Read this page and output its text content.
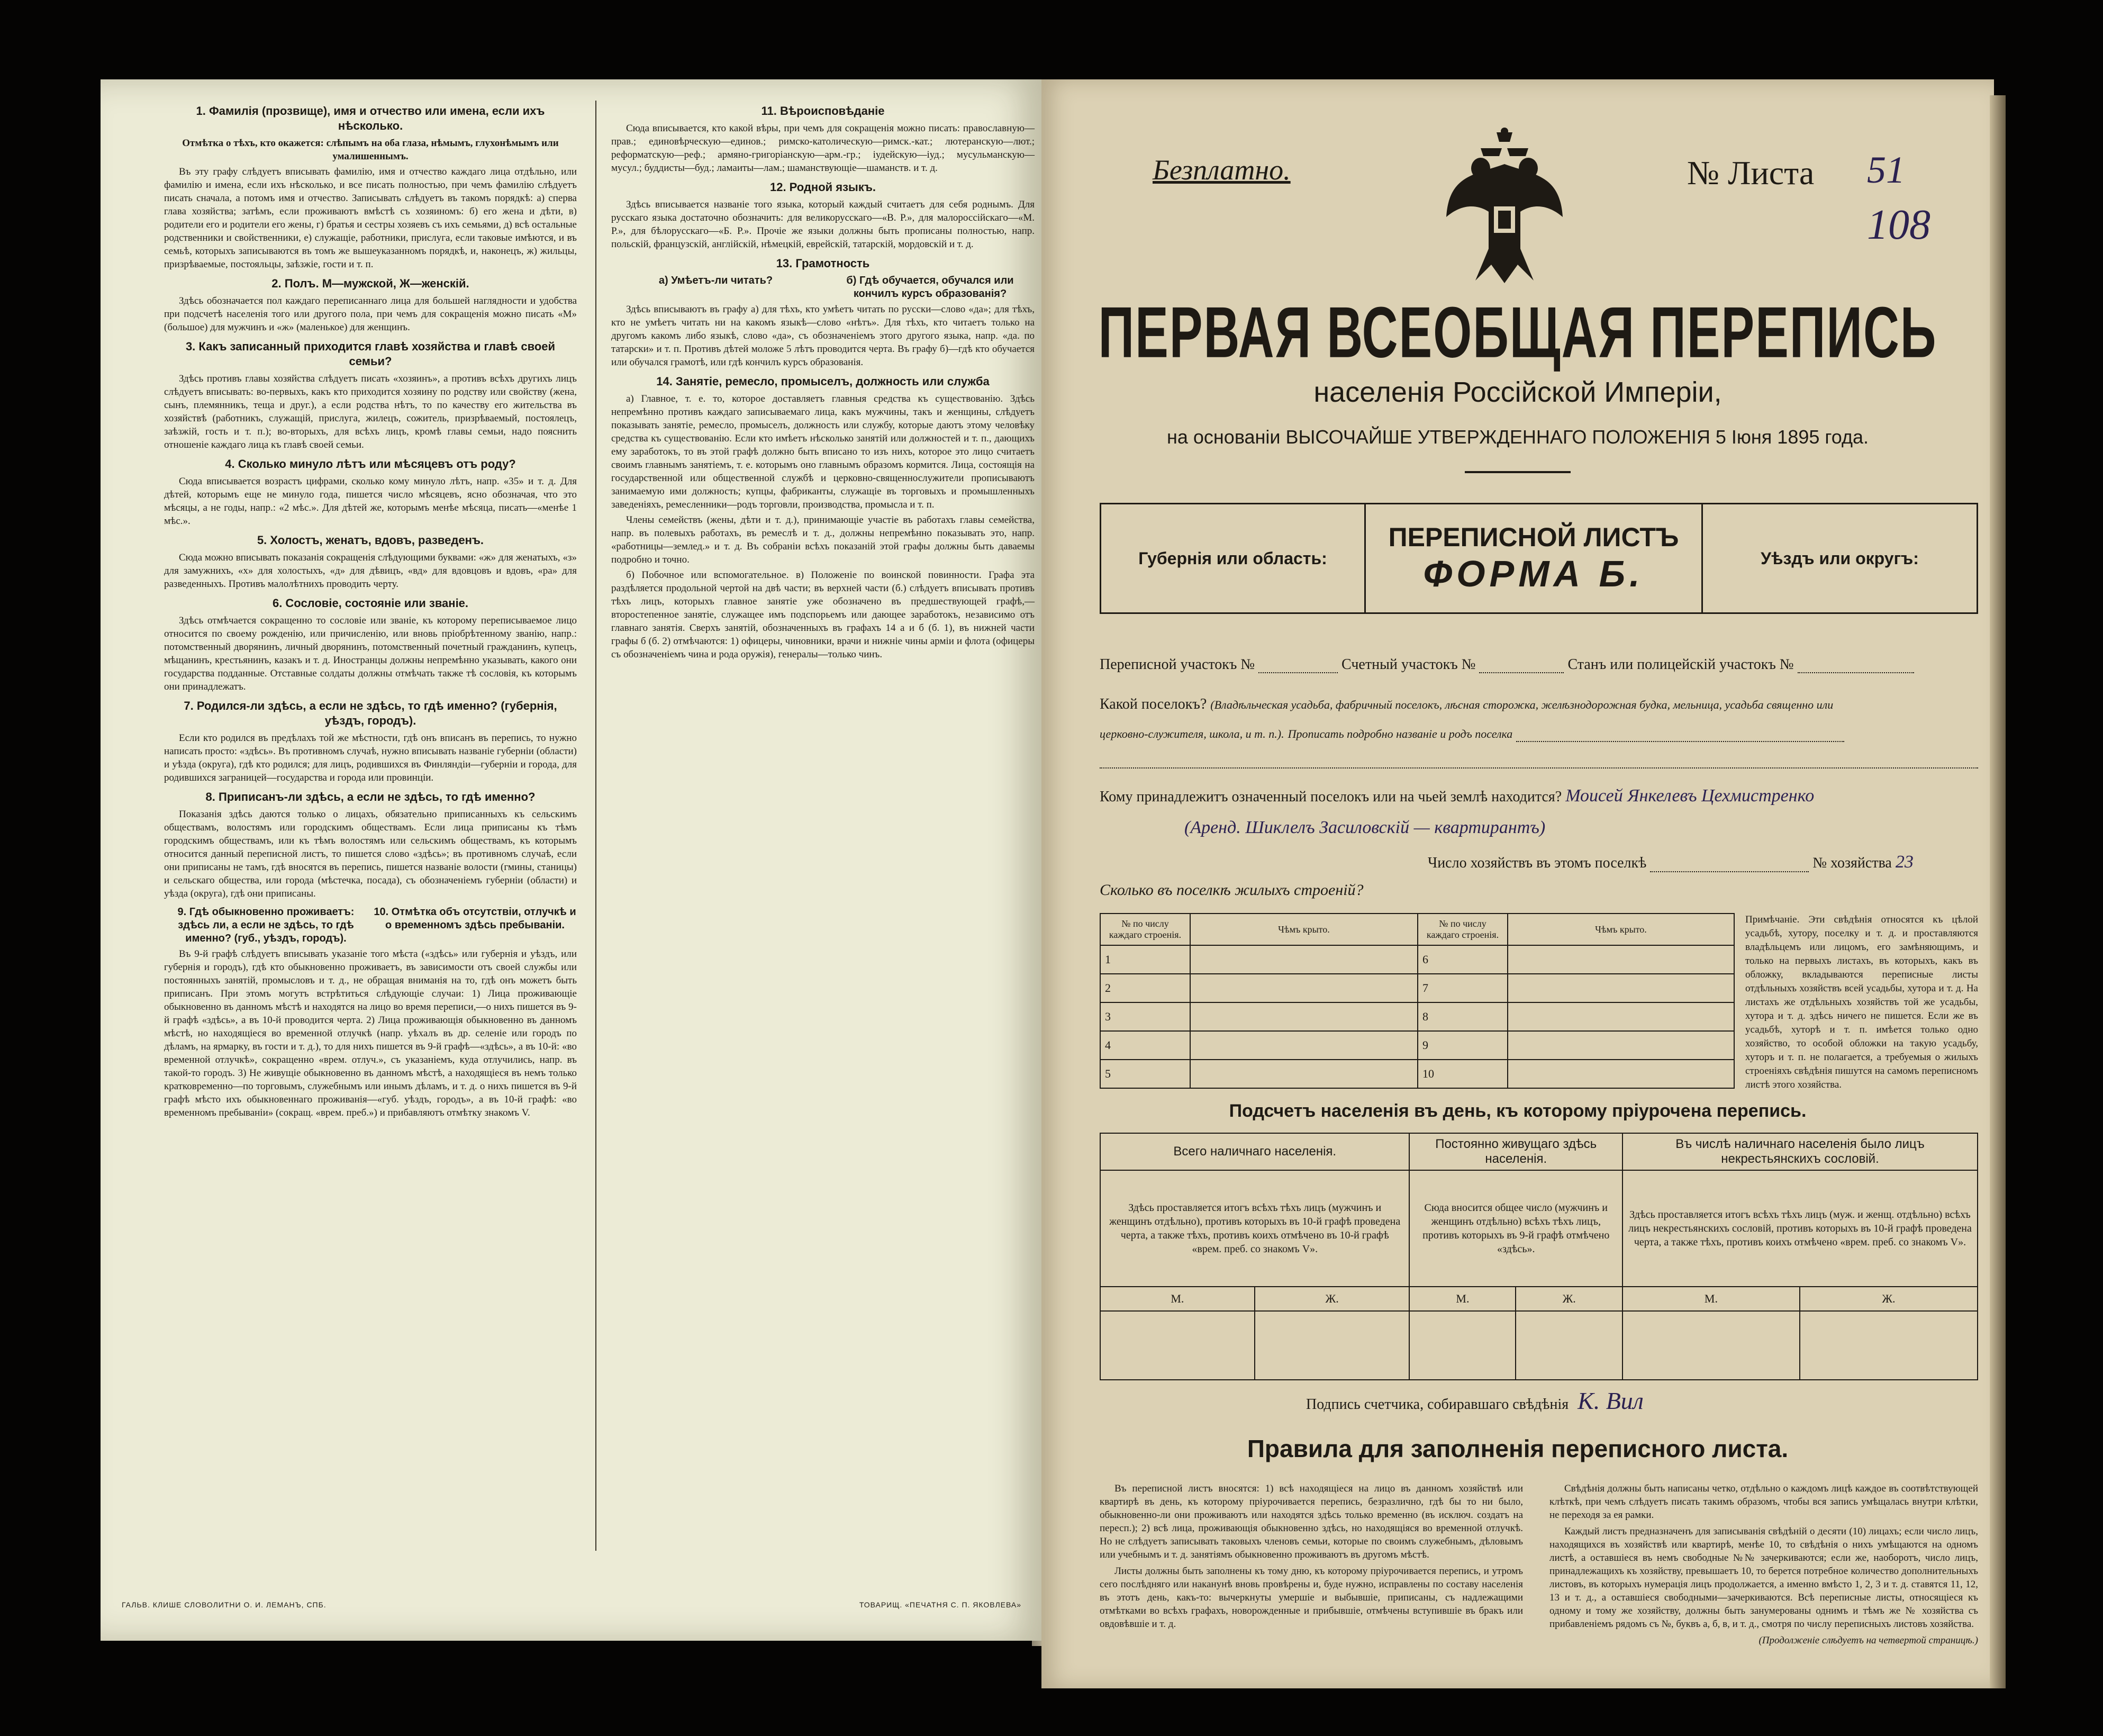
1. Фамилія (прозвище), имя и отчество или имена, если ихъ нѣсколько.
Отмѣтка о тѣхъ, кто окажется: слѣпымъ на оба глаза, нѣмымъ, глухонѣмымъ или умалишеннымъ.

Въ эту графу слѣдуетъ вписывать фамилію, имя и отчество каждаго лица отдѣльно, или фамилію и имена, если ихъ нѣсколько, и все писать полностью, при чемъ фамилію слѣдуетъ писать сначала, а потомъ имя и отчество. Записывать слѣдуетъ въ такомъ порядкѣ: а) сперва глава хозяйства; затѣмъ, если проживаютъ вмѣстѣ съ хозяиномъ: б) его жена и дѣти, в) родители его и родители его жены, г) братья и сестры хозяевъ съ ихъ семьями, д) всѣ остальные родственники и свойственники, е) служащіе, работники, прислуга, если таковые имѣются, и въ семьѣ, которыхъ записываются въ томъ же вышеуказанномъ порядкѣ, и, наконецъ, ж) жильцы, призрѣваемые, постояльцы, заѣзжіе, гости и т. п.

2. Полъ. М—мужской, Ж—женскій.

Здѣсь обозначается пол каждаго переписаннаго лица для большей наглядности и удобства при подсчетѣ населенія того или другого пола, при чемъ для сокращенія можно писать «М» (большое) для мужчинъ и «ж» (маленькое) для женщинъ.

3. Какъ записанный приходится главѣ хозяйства и главѣ своей семьи?

Здѣсь противъ главы хозяйства слѣдуетъ писать «хозяинъ», а противъ всѣхъ другихъ лицъ слѣдуетъ вписывать: во-первыхъ, какъ кто приходится хозяину по родству или свойству (жена, сынъ, племянникъ, теща и друг.), а если родства нѣтъ, то по качеству его жительства въ хозяйствѣ (работникъ, служащій, прислуга, жилецъ, сожитель, призрѣваемый, постоялецъ, заѣзжій, гость и т. п.); во-вторыхъ, для всѣхъ лицъ, кромѣ главы семьи, надо пояснить отношеніе каждаго лица къ главѣ своей семьи.

4. Сколько минуло лѣтъ или мѣсяцевъ отъ роду?

Сюда вписывается возрастъ цифрами, сколько кому минуло лѣтъ, напр. «35» и т. д. Для дѣтей, которымъ еще не минуло года, пишется число мѣсяцевъ, ясно обозначая, что это мѣсяцы, а не годы, напр.: «2 мѣс.». Для дѣтей же, которымъ менѣе мѣсяца, писать—«менѣе 1 мѣс.».

5. Холостъ, женатъ, вдовъ, разведенъ.

Сюда можно вписывать показанія сокращенія слѣдующими буквами: «ж» для женатыхъ, «з» для замужнихъ, «х» для холостыхъ, «д» для дѣвицъ, «вд» для вдовцовъ и вдовъ, «ра» для разведенныхъ. Противъ малолѣтнихъ проводить черту.

6. Сословіе, состояніе или званіе.

Здѣсь отмѣчается сокращенно то сословіе или званіе, къ которому переписываемое лицо относится по своему рожденію, или причисленію, или вновь пріобрѣтенному званію, напр.: потомственный дворянинъ, личный дворянинъ, потомственный почетный гражданинъ, купецъ, мѣщанинъ, крестьянинъ, казакъ и т. д. Иностранцы должны непремѣнно указывать, какого они государства подданные. Отставные солдаты должны отмѣчать также тѣ сословія, къ которымъ они принадлежатъ.

7. Родился-ли здѣсь, а если не здѣсь, то гдѣ именно? (губернія, уѣздъ, городъ).

Если кто родился въ предѣлахъ той же мѣстности, гдѣ онъ вписанъ въ перепись, то нужно написать просто: «здѣсь». Въ противномъ случаѣ, нужно вписывать названіе губерніи (области) и уѣзда (округа), гдѣ кто родился; для лицъ, родившихся въ Финляндіи—губерніи и города, для родившихся заграницей—государства и города или провинціи.

8. Приписанъ-ли здѣсь, а если не здѣсь, то гдѣ именно?

Показанія здѣсь даются только о лицахъ, обязательно приписанныхъ къ сельскимъ обществамъ, волостямъ или городскимъ обществамъ. Если лица приписаны къ тѣмъ городскимъ обществамъ, или къ тѣмъ волостямъ или сельскимъ обществамъ, къ которымъ относится данный переписной листъ, то пишется слово «здѣсь»; въ противномъ случаѣ, если они приписаны не тамъ, гдѣ вносятся въ перепись, пишется названіе волости (гмины, станицы) и сельскаго общества, или города (мѣстечка, посада), съ обозначеніемъ губерніи (области) и уѣзда (округа), гдѣ они приписаны.

9. Гдѣ обыкновенно проживаетъ: здѣсь ли, а если не здѣсь, то гдѣ именно? (губ., уѣздъ, городъ).
10. Отмѣтка объ отсутствіи, отлучкѣ и о временномъ здѣсь пребываніи.

Въ 9-й графѣ слѣдуетъ вписывать указаніе того мѣста («здѣсь» или губернія и уѣздъ, или губернія и городъ), гдѣ кто обыкновенно проживаетъ, въ зависимости отъ своей службы или постоянныхъ занятій, промысловъ и т. д., не обращая вниманія на то, гдѣ онъ можетъ быть приписанъ. При этомъ могутъ встрѣтиться слѣдующіе случаи: 1) Лица проживающіе обыкновенно въ данномъ мѣстѣ и находятся на лицо во время переписи,—о нихъ пишется въ 9-й графѣ «здѣсь», а въ 10-й проводится черта. 2) Лица проживающія обыкновенно въ данномъ мѣстѣ, но находящіеся во временной отлучкѣ (напр. уѣхалъ въ др. селеніе или городъ по дѣламъ, на ярмарку, въ гости и т. д.), то для нихъ пишется въ 9-й графѣ—«здѣсь», а въ 10-й: «во временной отлучкѣ», сокращенно «врем. отлуч.», съ указаніемъ, куда отлучились, напр. въ такой-то городъ. 3) Не живущіе обыкновенно въ данномъ мѣстѣ, а находящіеся въ немъ только кратковременно—по торговымъ, служебнымъ или инымъ дѣламъ, и т. д. о нихъ пишется въ 9-й графѣ мѣсто ихъ обыкновеннаго проживанія—«губ. уѣздъ, городъ», а въ 10-й графѣ: «во временномъ пребываніи» (сокращ. «врем. преб.») и прибавляютъ отмѣтку знакомъ V.

11. Вѣроисповѣданіе

Сюда вписывается, кто какой вѣры, при чемъ для сокращенія можно писать: православную—прав.; единовѣрческую—единов.; римско-католическую—римск.-кат.; лютеранскую—лют.; реформатскую—реф.; армяно-григоріанскую—арм.-гр.; іудейскую—іуд.; мусульманскую—мусул.; буддисты—буд.; ламаиты—лам.; шаманствующіе—шаманств. и т. д.

12. Родной языкъ.

Здѣсь вписывается названіе того языка, который каждый считаетъ для себя роднымъ. Для русскаго языка достаточно обозначить: для великорусскаго—«В. Р.», для малороссійскаго—«М. Р.», для бѣлорусскаго—«Б. Р.». Прочіе же языки должны быть прописаны полностью, напр. польскій, французскій, англійскій, нѣмецкій, еврейскій, татарскій, мордовскій и т. д.

13. Грамотность
а) Умѣетъ-ли читать?	б) Гдѣ обучается, обучался или кончилъ курсъ образованія?

Здѣсь вписываютъ въ графу а) для тѣхъ, кто умѣетъ читать по русски—слово «да»; для тѣхъ, кто не умѣетъ читать ни на какомъ языкѣ—слово «нѣтъ». Для тѣхъ, кто читаетъ только на другомъ какомъ либо языкѣ, слово «да», съ обозначеніемъ этого другого языка, напр. «да. по татарски» и т. п. Противъ дѣтей моложе 5 лѣтъ проводится черта. Въ графу б)—гдѣ кто обучается или обучался грамотѣ, или гдѣ кончилъ курсъ образованія.

14. Занятіе, ремесло, промыселъ, должность или служба

а) Главное, т. е. то, которое доставляетъ главныя средства къ существованію. Здѣсь непремѣнно противъ каждаго записываемаго лица, какъ мужчины, такъ и женщины, слѣдуетъ показывать занятіе, ремесло, промыселъ, должность или службу, которые даютъ этому человѣку средства къ существованію. Если кто имѣетъ нѣсколько занятій или должностей и т. п., дающихъ ему заработокъ, то въ этой графѣ должно быть вписано то изъ нихъ, которое это лицо считаетъ своимъ главнымъ занятіемъ, т. е. которымъ оно главнымъ образомъ кормится. Лица, состоящія на государственной или общественной службѣ и церковно-священнослужители прописываютъ занимаемую ими должность; купцы, фабриканты, служащіе въ торговыхъ и промышленныхъ заведеніяхъ, ремесленники—родъ торговли, производства, промысла и т. п.

Члены семействъ (жены, дѣти и т. д.), принимающіе участіе въ работахъ главы семейства, напр. въ полевыхъ работахъ, въ ремеслѣ и т. д., должны непремѣнно показывать это, напр. «работницы—землед.» и т. д. Въ собраніи всѣхъ показаній этой графы должны быть даваемы подробно и точно.

б) Побочное или вспомогательное. в) Положеніе по воинской повинности. Графа эта раздѣляется продольной чертой на двѣ части; въ верхней части (б.) слѣдуетъ вписывать противъ тѣхъ лицъ, которыхъ главное занятіе уже обозначено въ предшествующей графѣ,—второстепенное занятіе, служащее имъ подспорьемъ или дающее заработокъ, независимо отъ главнаго занятія. Сверхъ занятій, обозначенныхъ въ графахъ 14 а и б (б. 1), въ нижней части графы б (б. 2) отмѣчаются: 1) офицеры, чиновники, врачи и нижніе чины арміи и флота (офицеры съ обозначеніемъ чина и рода оружія), генералы—только чинъ.

ГАЛЬВ. КЛИШЕ СЛОВОЛИТНИ О. И. ЛЕМАНЪ, СПБ.	ТОВАРИЩ. «ПЕЧАТНЯ С. П. ЯКОВЛЕВА»
Безплатно.	№ Листа 51
108
ПЕРВАЯ ВСЕОБЩАЯ ПЕРЕПИСЬ
населенія Россійской Имперіи,
на основаніи ВЫСОЧАЙШЕ УТВЕРЖДЕННАГО ПОЛОЖЕНІЯ 5 Іюня 1895 года.
Губернія или область:
ПЕРЕПИСНОЙ ЛИСТЪ
ФОРМА Б.	Уѣздъ или округъ:
Переписной участокъ №	Счетный участокъ №	Станъ или полицейскій участокъ №
Какой поселокъ? (Владѣльческая усадьба, фабричный поселокъ, лѣсная сторожка, желѣзнодорожная будка, мельница, усадьба священно или
церковно-служителя, школа, и т. п.). Прописать подробно названіе и родъ поселка
Кому принадлежитъ означенный поселокъ или на чьей землѣ находится? Моисей Янкелевъ Цехмистренко
(Аренд. Шиклелъ Засиловскій — квартирантъ)
Число хозяйствъ въ этомъ поселкѣ	№ хозяйства 23
Сколько въ поселкѣ жилыхъ строеній?
№ по числу каждаго строенія.	Чѣмъ крыто.	№ по числу каждаго строенія.	Чѣмъ крыто.
1		6	
2		7	
3		8	
4		9	
5		10	
Примѣчаніе. Эти свѣдѣнія относятся къ цѣлой усадьбѣ, хутору, поселку и т. д. и проставляются владѣльцемъ или лицомъ, его замѣняющимъ, и только на первыхъ листахъ, въ которыхъ, какъ въ обложку, вкладываются переписные листы отдѣльныхъ хозяйствъ всей усадьбы, хутора и т. д. На листахъ же отдѣльныхъ хозяйствъ той же усадьбы, хутора и т. д. здѣсь ничего не пишется. Если же въ усадьбѣ, хуторѣ и т. п. имѣется только одно хозяйство, то особой обложки на такую усадьбу, хуторъ и т. п. не полагается, а требуемыя о жилыхъ строеніяхъ свѣдѣнія пишутся на самомъ переписномъ листѣ этого хозяйства.
Подсчетъ населенія въ день, къ которому пріурочена перепись.
Всего наличнаго населенія.		Постоянно живущаго здѣсь населенія.		Въ числѣ наличнаго населенія было лицъ некрестьянскихъ сословій.	
Здѣсь проставляется итогъ всѣхъ тѣхъ лицъ (мужчинъ и женщинъ отдѣльно), противъ которыхъ въ 10-й графѣ проведена черта, а также тѣхъ, противъ коихъ отмѣчено въ 10-й графѣ «врем. преб. со знакомъ V».		Сюда вносится общее число (мужчинъ и женщинъ отдѣльно) всѣхъ тѣхъ лицъ, противъ которыхъ въ 9-й графѣ отмѣчено «здѣсь».		Здѣсь проставляется итогъ всѣхъ тѣхъ лицъ (муж. и женщ. отдѣльно) всѣхъ лицъ некрестьянскихъ сословій, противъ которыхъ въ 10-й графѣ проведена черта, а также тѣхъ, противъ коихъ отмѣчено «врем. преб. со знакомъ V».	
М.	Ж.	М.	Ж.	М.	Ж.

Подпись счетчика, собиравшаго свѣдѣнія К. Вил
Правила для заполненія переписного листа.

Въ переписной листъ вносятся: 1) всѣ находящіеся на лицо въ данномъ хозяйствѣ или квартирѣ въ день, къ которому пріурочивается перепись, безразлично, гдѣ бы то ни было, обыкновенно-ли они проживаютъ или находятся здѣсь только временно (въ исключ. создатъ на пересп.); 2) всѣ лица, проживающія обыкновенно здѣсь, но находящіяся во временной отлучкѣ. Но не слѣдуетъ записывать таковыхъ членовъ семьи, которые по своимъ служебнымъ, дѣловымъ или учебнымъ и т. д. занятіямъ обыкновенно проживаютъ въ другомъ мѣстѣ.

Листы должны быть заполнены къ тому дню, къ которому пріурочивается перепись, и утромъ сего послѣдняго или наканунѣ вновь провѣрены и, буде нужно, исправлены по составу населенія въ этотъ день, какъ-то: вычеркнуты умершіе и выбывшіе, приписаны, съ надлежащими отмѣтками во всѣхъ графахъ, новорожденные и прибывшіе, отмѣчены вступившіе въ бракъ или овдовѣвшіе и т. д.

Свѣдѣнія должны быть написаны четко, отдѣльно о каждомъ лицѣ каждое въ соотвѣтствующей клѣткѣ, при чемъ слѣдуетъ писать такимъ образомъ, чтобы вся запись умѣщалась внутри клѣтки, не переходя за ея рамки.

Каждый листъ предназначенъ для записыванія свѣдѣній о десяти (10) лицахъ; если число лицъ, находящихся въ хозяйствѣ или квартирѣ, менѣе 10, то свѣдѣнія о нихъ умѣщаются на одномъ листѣ, а оставшіеся въ немъ свободные №№ зачеркиваются; если же, наоборотъ, число лицъ, принадлежащихъ къ хозяйству, превышаетъ 10, то берется потребное количество дополнительныхъ листовъ, въ которыхъ нумерація лицъ продолжается, а именно вмѣсто 1, 2, 3 и т. д. ставятся 11, 12, 13 и т. д., а оставшіеся свободными—зачеркиваются. Всѣ переписные листы, относящіеся къ одному и тому же хозяйству, должны быть занумерованы однимъ и тѣмъ же № хозяйства съ прибавленіемъ рядомъ съ №, буквъ а, б, в, и т. д., смотря по числу переписныхъ листовъ хозяйства.

(Продолженіе слѣдуетъ на четвертой страницѣ.)
